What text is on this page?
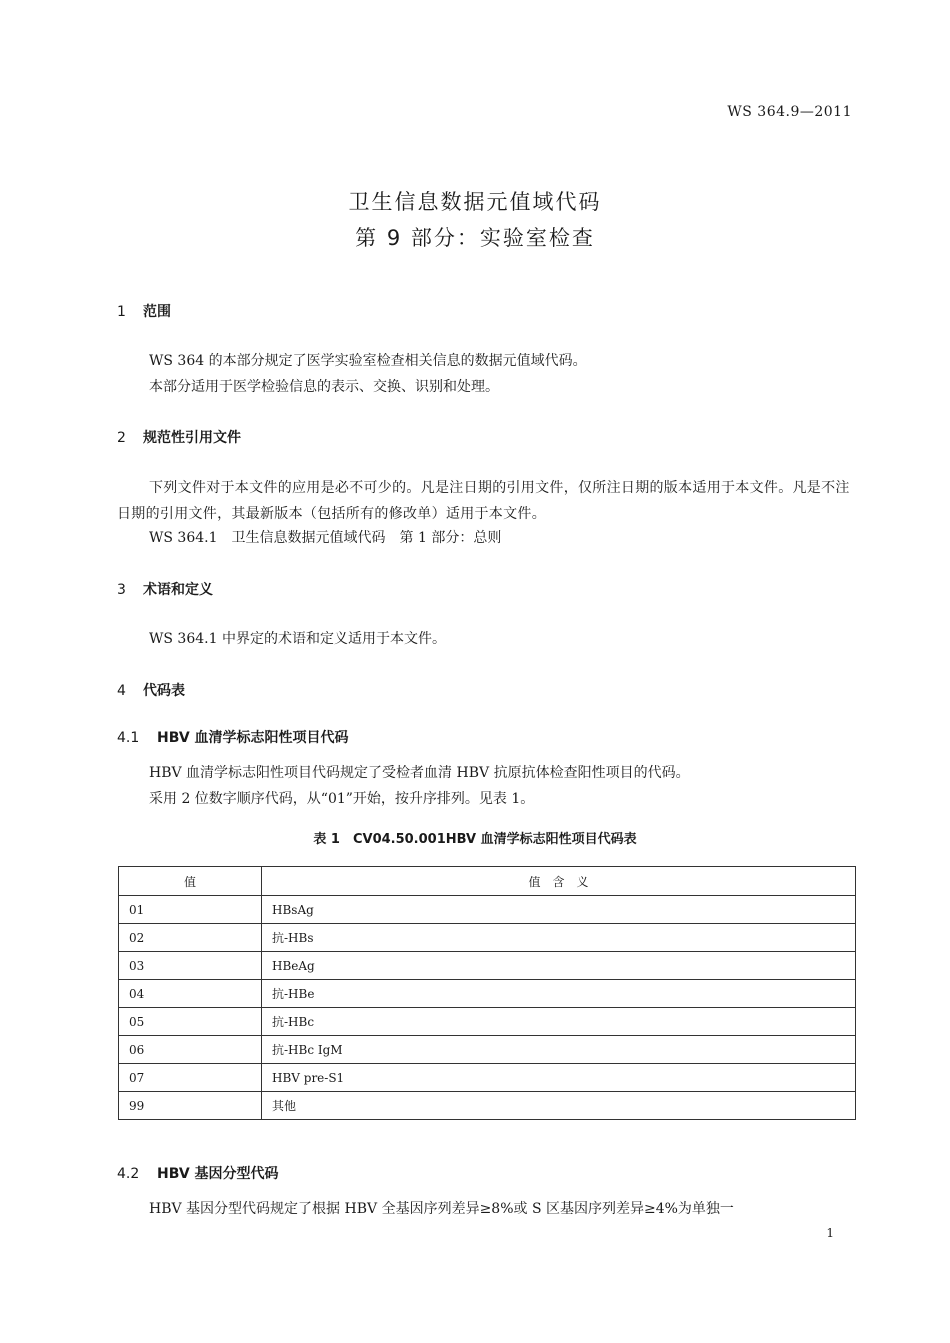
WS 364.9—2011
卫生信息数据元值域代码
第 9 部分：实验室检查
1 范围
WS 364 的本部分规定了医学实验室检查相关信息的数据元值域代码。
本部分适用于医学检验信息的表示、交换、识别和处理。
2 规范性引用文件
下列文件对于本文件的应用是必不可少的。凡是注日期的引用文件，仅所注日期的版本适用于本文件。凡是不注日期的引用文件，其最新版本（包括所有的修改单）适用于本文件。
WS 364.1　卫生信息数据元值域代码　第 1 部分：总则
3 术语和定义
WS 364.1 中界定的术语和定义适用于本文件。
4 代码表
4.1 HBV 血清学标志阳性项目代码
HBV 血清学标志阳性项目代码规定了受检者血清 HBV 抗原抗体检查阳性项目的代码。
采用 2 位数字顺序代码，从“01”开始，按升序排列。见表 1。
表 1　CV04.50.001HBV 血清学标志阳性项目代码表
值	值　含　义
01	HBsAg
02	抗-HBs
03	HBeAg
04	抗-HBe
05	抗-HBc
06	抗-HBc IgM
07	HBV pre-S1
99	其他
4.2 HBV 基因分型代码
HBV 基因分型代码规定了根据 HBV 全基因序列差异≥8%或 S 区基因序列差异≥4%为单独一
1
